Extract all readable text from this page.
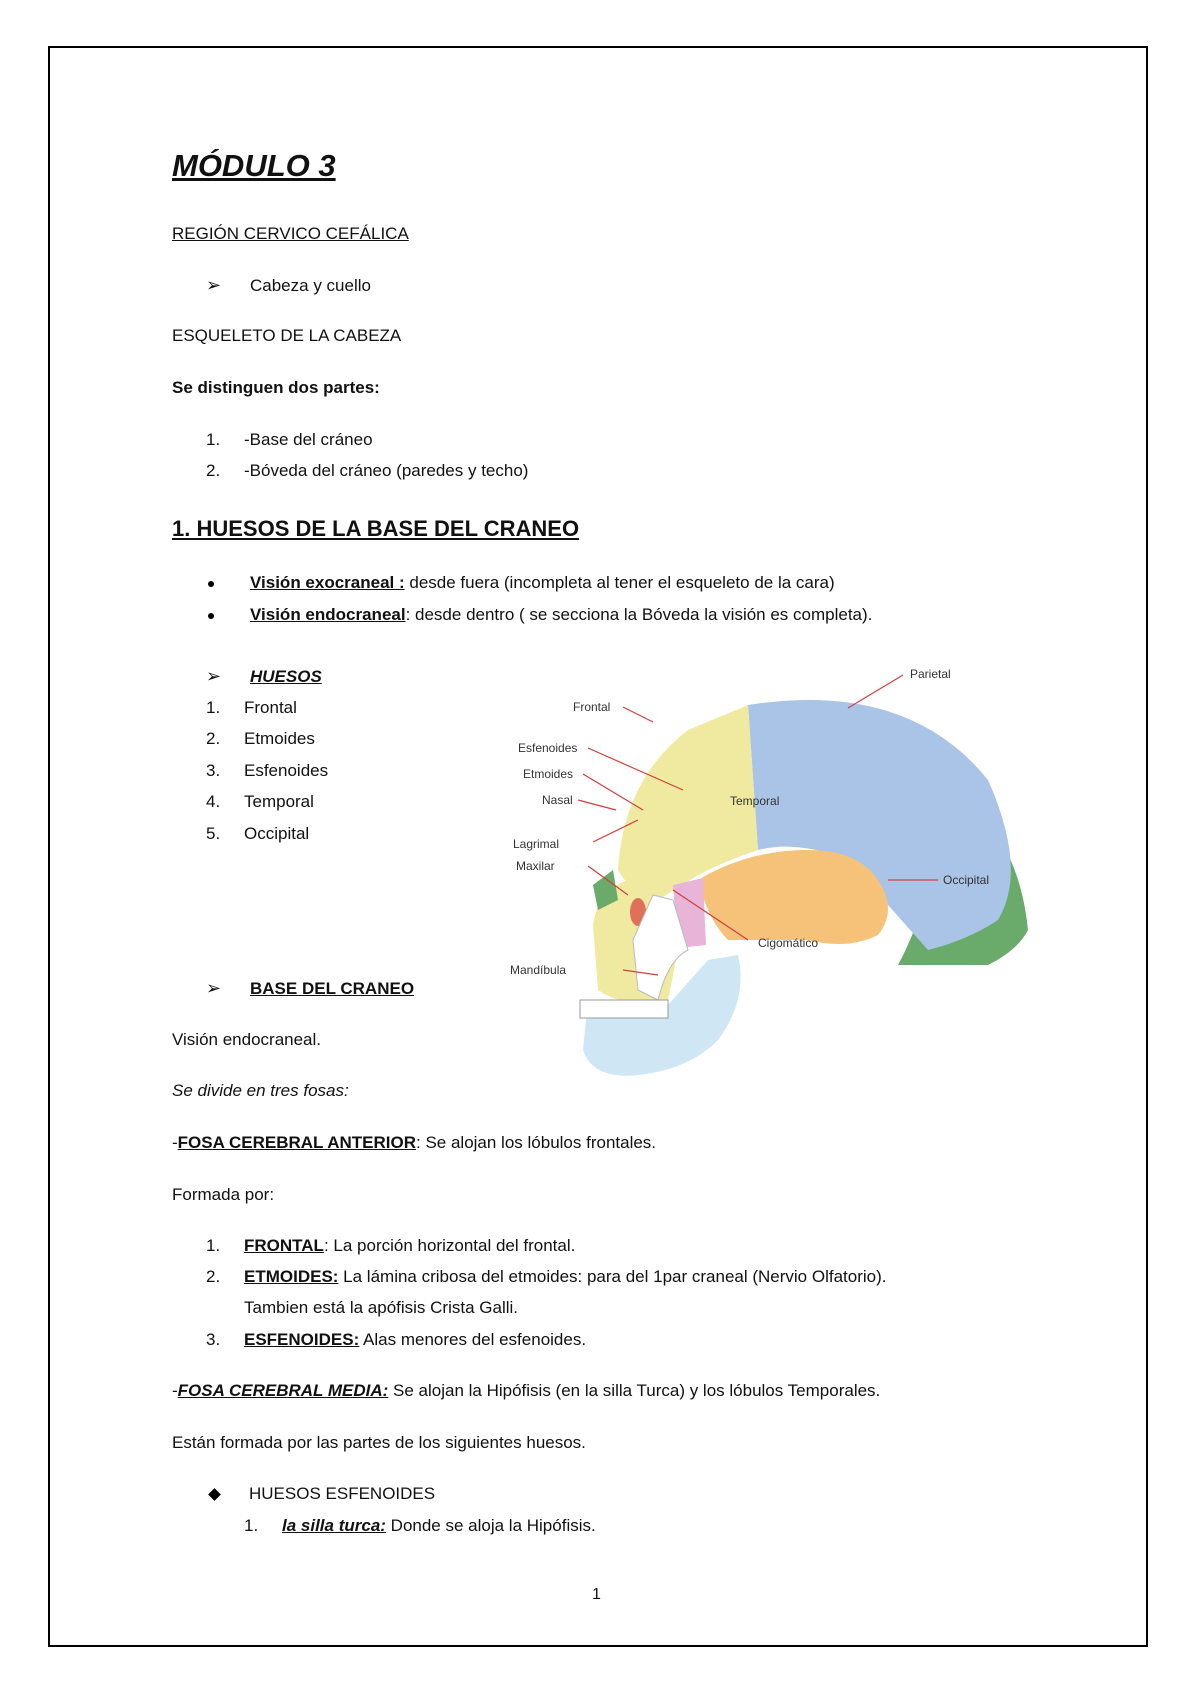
MÓDULO 3
REGIÓN CERVICO CEFÁLICA
➢ Cabeza y cuello
ESQUELETO DE LA CABEZA
Se distinguen dos partes:
1. -Base del cráneo
2. -Bóveda del cráneo (paredes y techo)
1. HUESOS DE LA BASE DEL CRANEO
Visión exocraneal : desde fuera (incompleta al tener el esqueleto de la cara)
Visión endocraneal: desde dentro ( se secciona la Bóveda la visión es completa).
➢ HUESOS
1. Frontal
2. Etmoides
3. Esfenoides
4. Temporal
5. Occipital
Frontal
Esfenoides
Etmoides
Nasal
Lagrimal
Maxilar
Mandíbula
Parietal
Temporal
Occipital
Cigomático
➢ BASE DEL CRANEO
Visión endocraneal.
Se divide en tres fosas:
-FOSA CEREBRAL ANTERIOR: Se alojan los lóbulos frontales.
Formada por:
1. FRONTAL: La porción horizontal del frontal.
2. ETMOIDES: La lámina cribosa del etmoides: para del 1par craneal (Nervio Olfatorio).
Tambien está la apófisis Crista Galli.
3. ESFENOIDES: Alas menores del esfenoides.
-FOSA CEREBRAL MEDIA: Se alojan la Hipófisis (en la silla Turca) y los lóbulos Temporales.
Están formada por las partes de los siguientes huesos.
HUESOS ESFENOIDES
1. la silla turca: Donde se aloja la Hipófisis.
1
